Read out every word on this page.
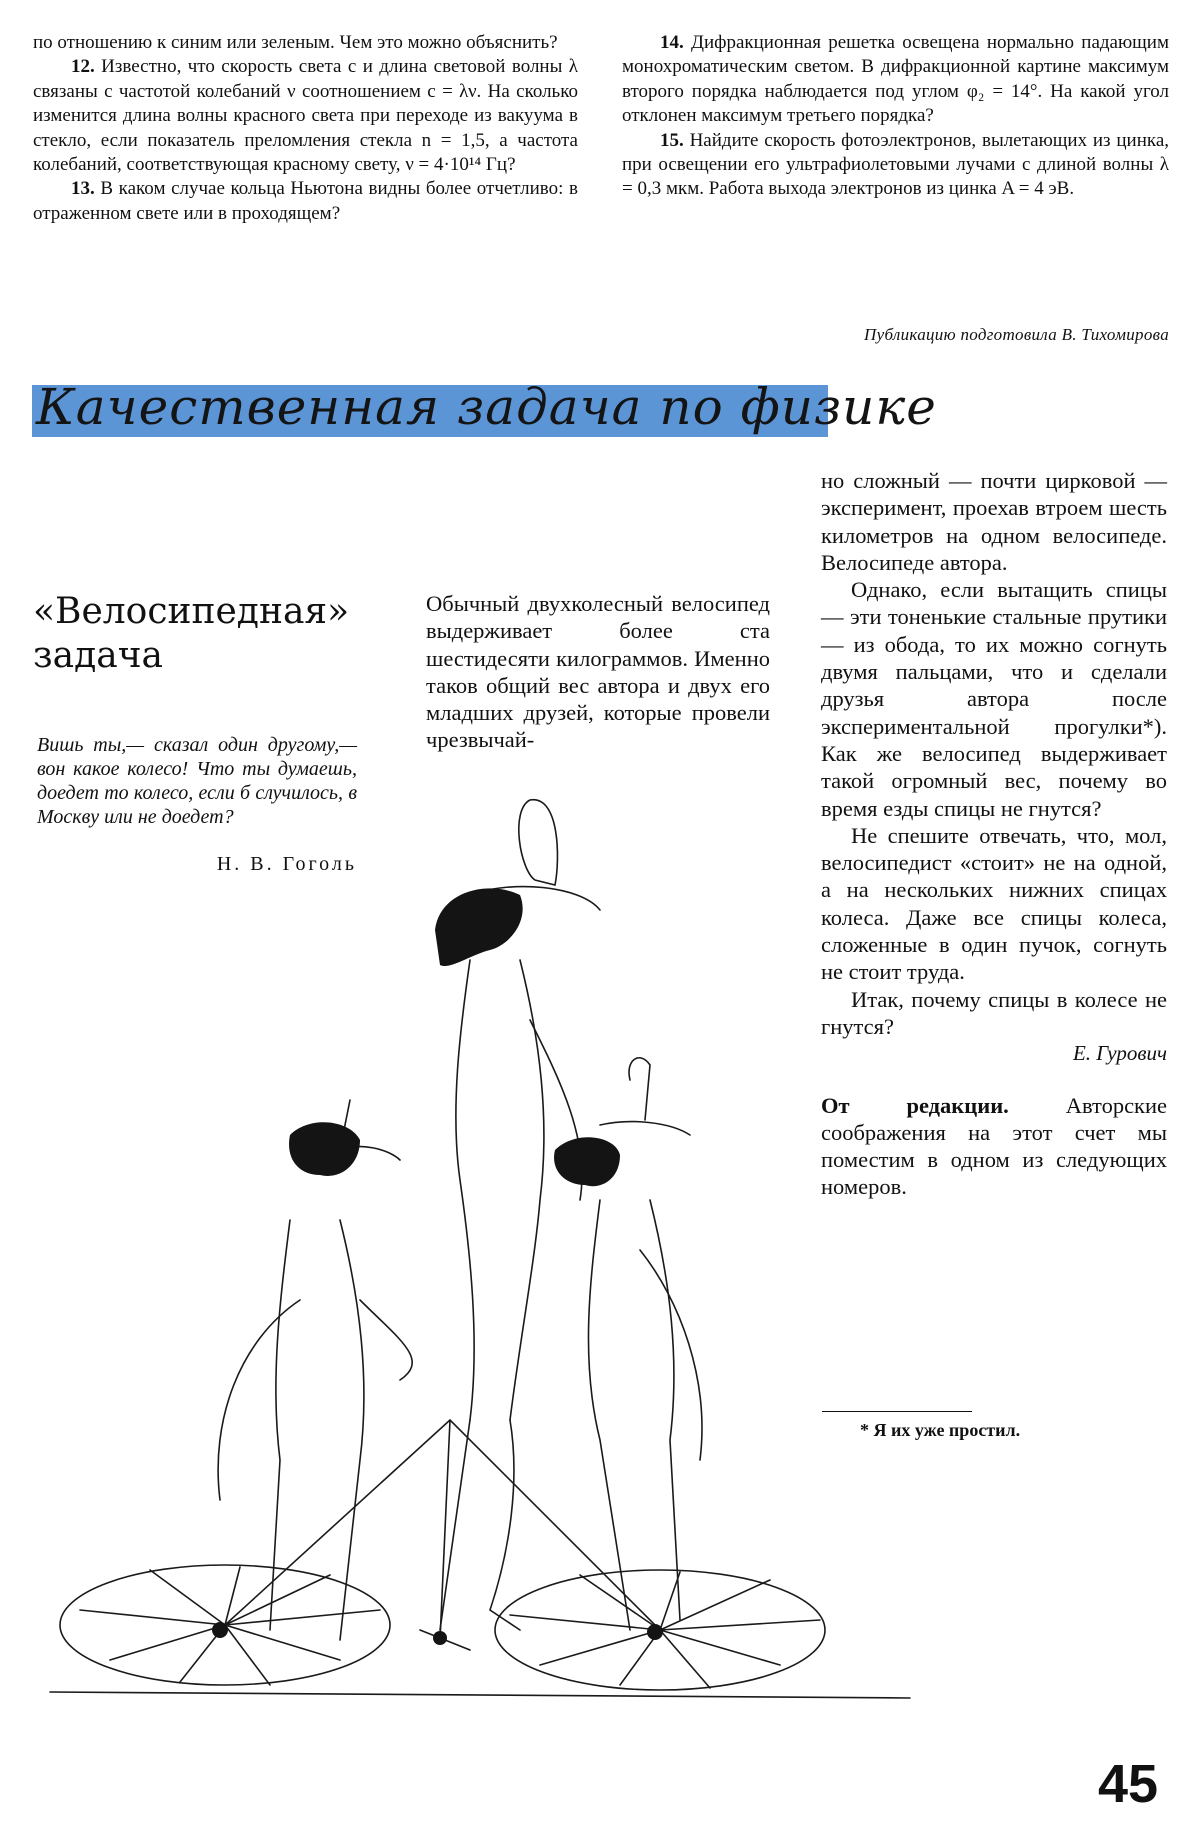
по отношению к синим или зеленым. Чем это можно объяснить?

12. Известно, что скорость света c и длина световой волны λ связаны с частотой колебаний ν соотношением c = λν. На сколько изменится длина волны красного света при переходе из вакуума в стекло, если показатель преломления стекла n = 1,5, а частота колебаний, соответствующая красному свету, ν = 4·10¹⁴ Гц?

13. В каком случае кольца Ньютона видны более отчетливо: в отраженном свете или в проходящем?

14. Дифракционная решетка освещена нормально падающим монохроматическим светом. В дифракционной картине максимум второго порядка наблюдается под углом φ₂ = 14°. На какой угол отклонен максимум третьего порядка?

15. Найдите скорость фотоэлектронов, вылетающих из цинка, при освещении его ультрафиолетовыми лучами с длиной волны λ = 0,3 мкм. Работа выхода электронов из цинка A = 4 эВ.

Публикацию подготовила В. Тихомирова
Качественная задача по физике
«Велосипедная» задача
Вишь ты,— сказал один другому,— вон какое колесо! Что ты думаешь, доедет то колесо, если б случилось, в Москву или не доедет?
Н. В. Гоголь

Обычный двухколесный велосипед выдерживает более ста шестидесяти килограммов. Именно таков общий вес автора и двух его младших друзей, которые провели чрезвычай-

но сложный — почти цирковой — эксперимент, проехав втроем шесть километров на одном велосипеде. Велосипеде автора.

Однако, если вытащить спицы — эти тоненькие стальные прутики — из обода, то их можно согнуть двумя пальцами, что и сделали друзья автора после экспериментальной прогулки*). Как же велосипед выдерживает такой огромный вес, почему во время езды спицы не гнутся?

Не спешите отвечать, что, мол, велосипедист «стоит» не на одной, а на нескольких нижних спицах колеса. Даже все спицы колеса, сложенные в один пучок, согнуть не стоит труда.

Итак, почему спицы в колесе не гнутся?

Е. Гурович

От редакции.	Авторские соображения на этот счет мы поместим в одном из следующих номеров.

* Я их уже простил.
45
